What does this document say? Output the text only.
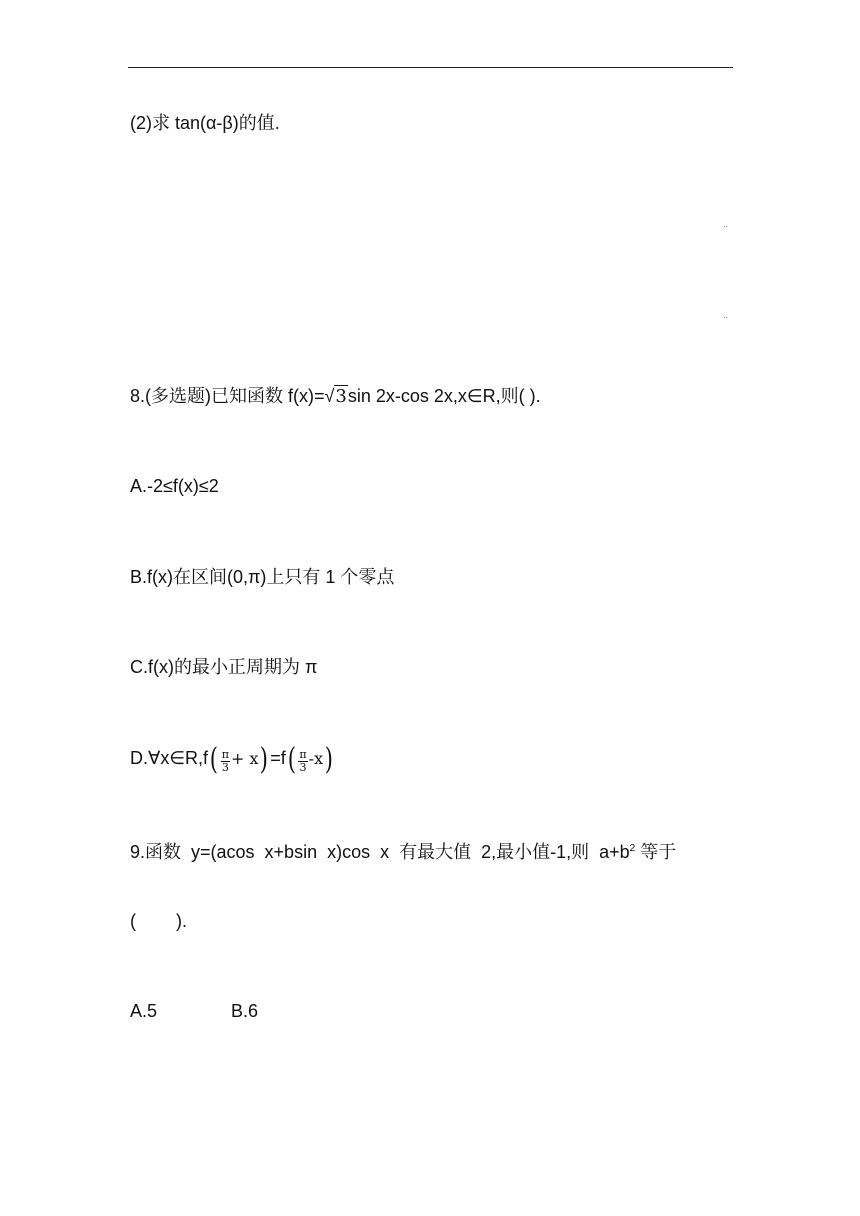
(2)求 tan(α-β)的值.
..
..
8.(多选题)已知函数 f(x)=√3sin 2x-cos 2x,x∈R,则( ).
A.-2≤f(x)≤2
B.f(x)在区间(0,π)上只有 1 个零点
C.f(x)的最小正周期为 π
D.∀x∈R,f( $\frac{\pi}{3} + x)=f( \frac{\pi}{3} -x)$
9.函数  y=(acos  x+bsin  x)cos  x  有最大值  2,最小值-1,则  $a+b^2$ 等于
(        ).
A.5	B.6
